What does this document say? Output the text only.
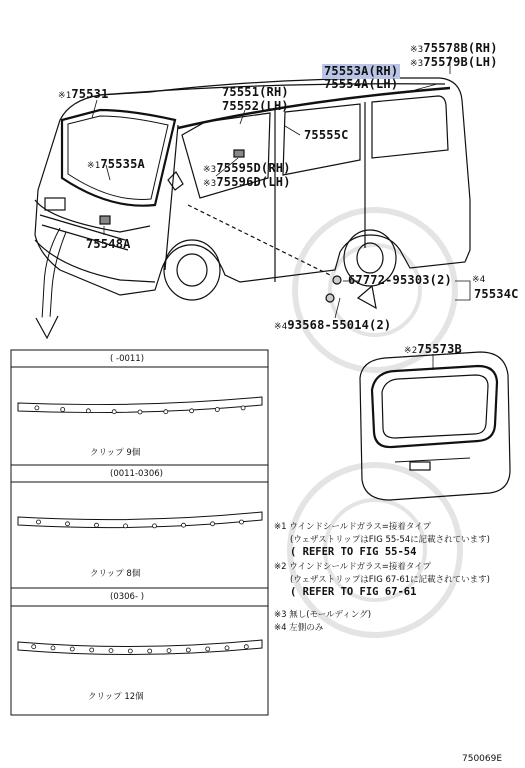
※375578B(RH)
※375579B(LH)
75553A(RH)
75554A(LH)
※175531	75551(RH)
75552(LH)
75555C
※175535A	※375595D(RH)
※375596D(LH)
75548A
67772-95303(2) ※4
75534C
※493568-55014(2)
※275573B
( -0011)
クリップ 9個
(0011-0306)
クリップ 8個
(0306- )
クリップ 12個
※1 ウインドシールドガラス=接着タイプ
(ウェザストリップはFIG 55-54に記載されています)
( REFER TO FIG 55-54
※2 ウインドシールドガラス=接着タイプ
(ウェザストリップはFIG 67-61に記載されています)
( REFER TO FIG 67-61
※3 無し(モールディング)
※4 左側のみ
750069E
